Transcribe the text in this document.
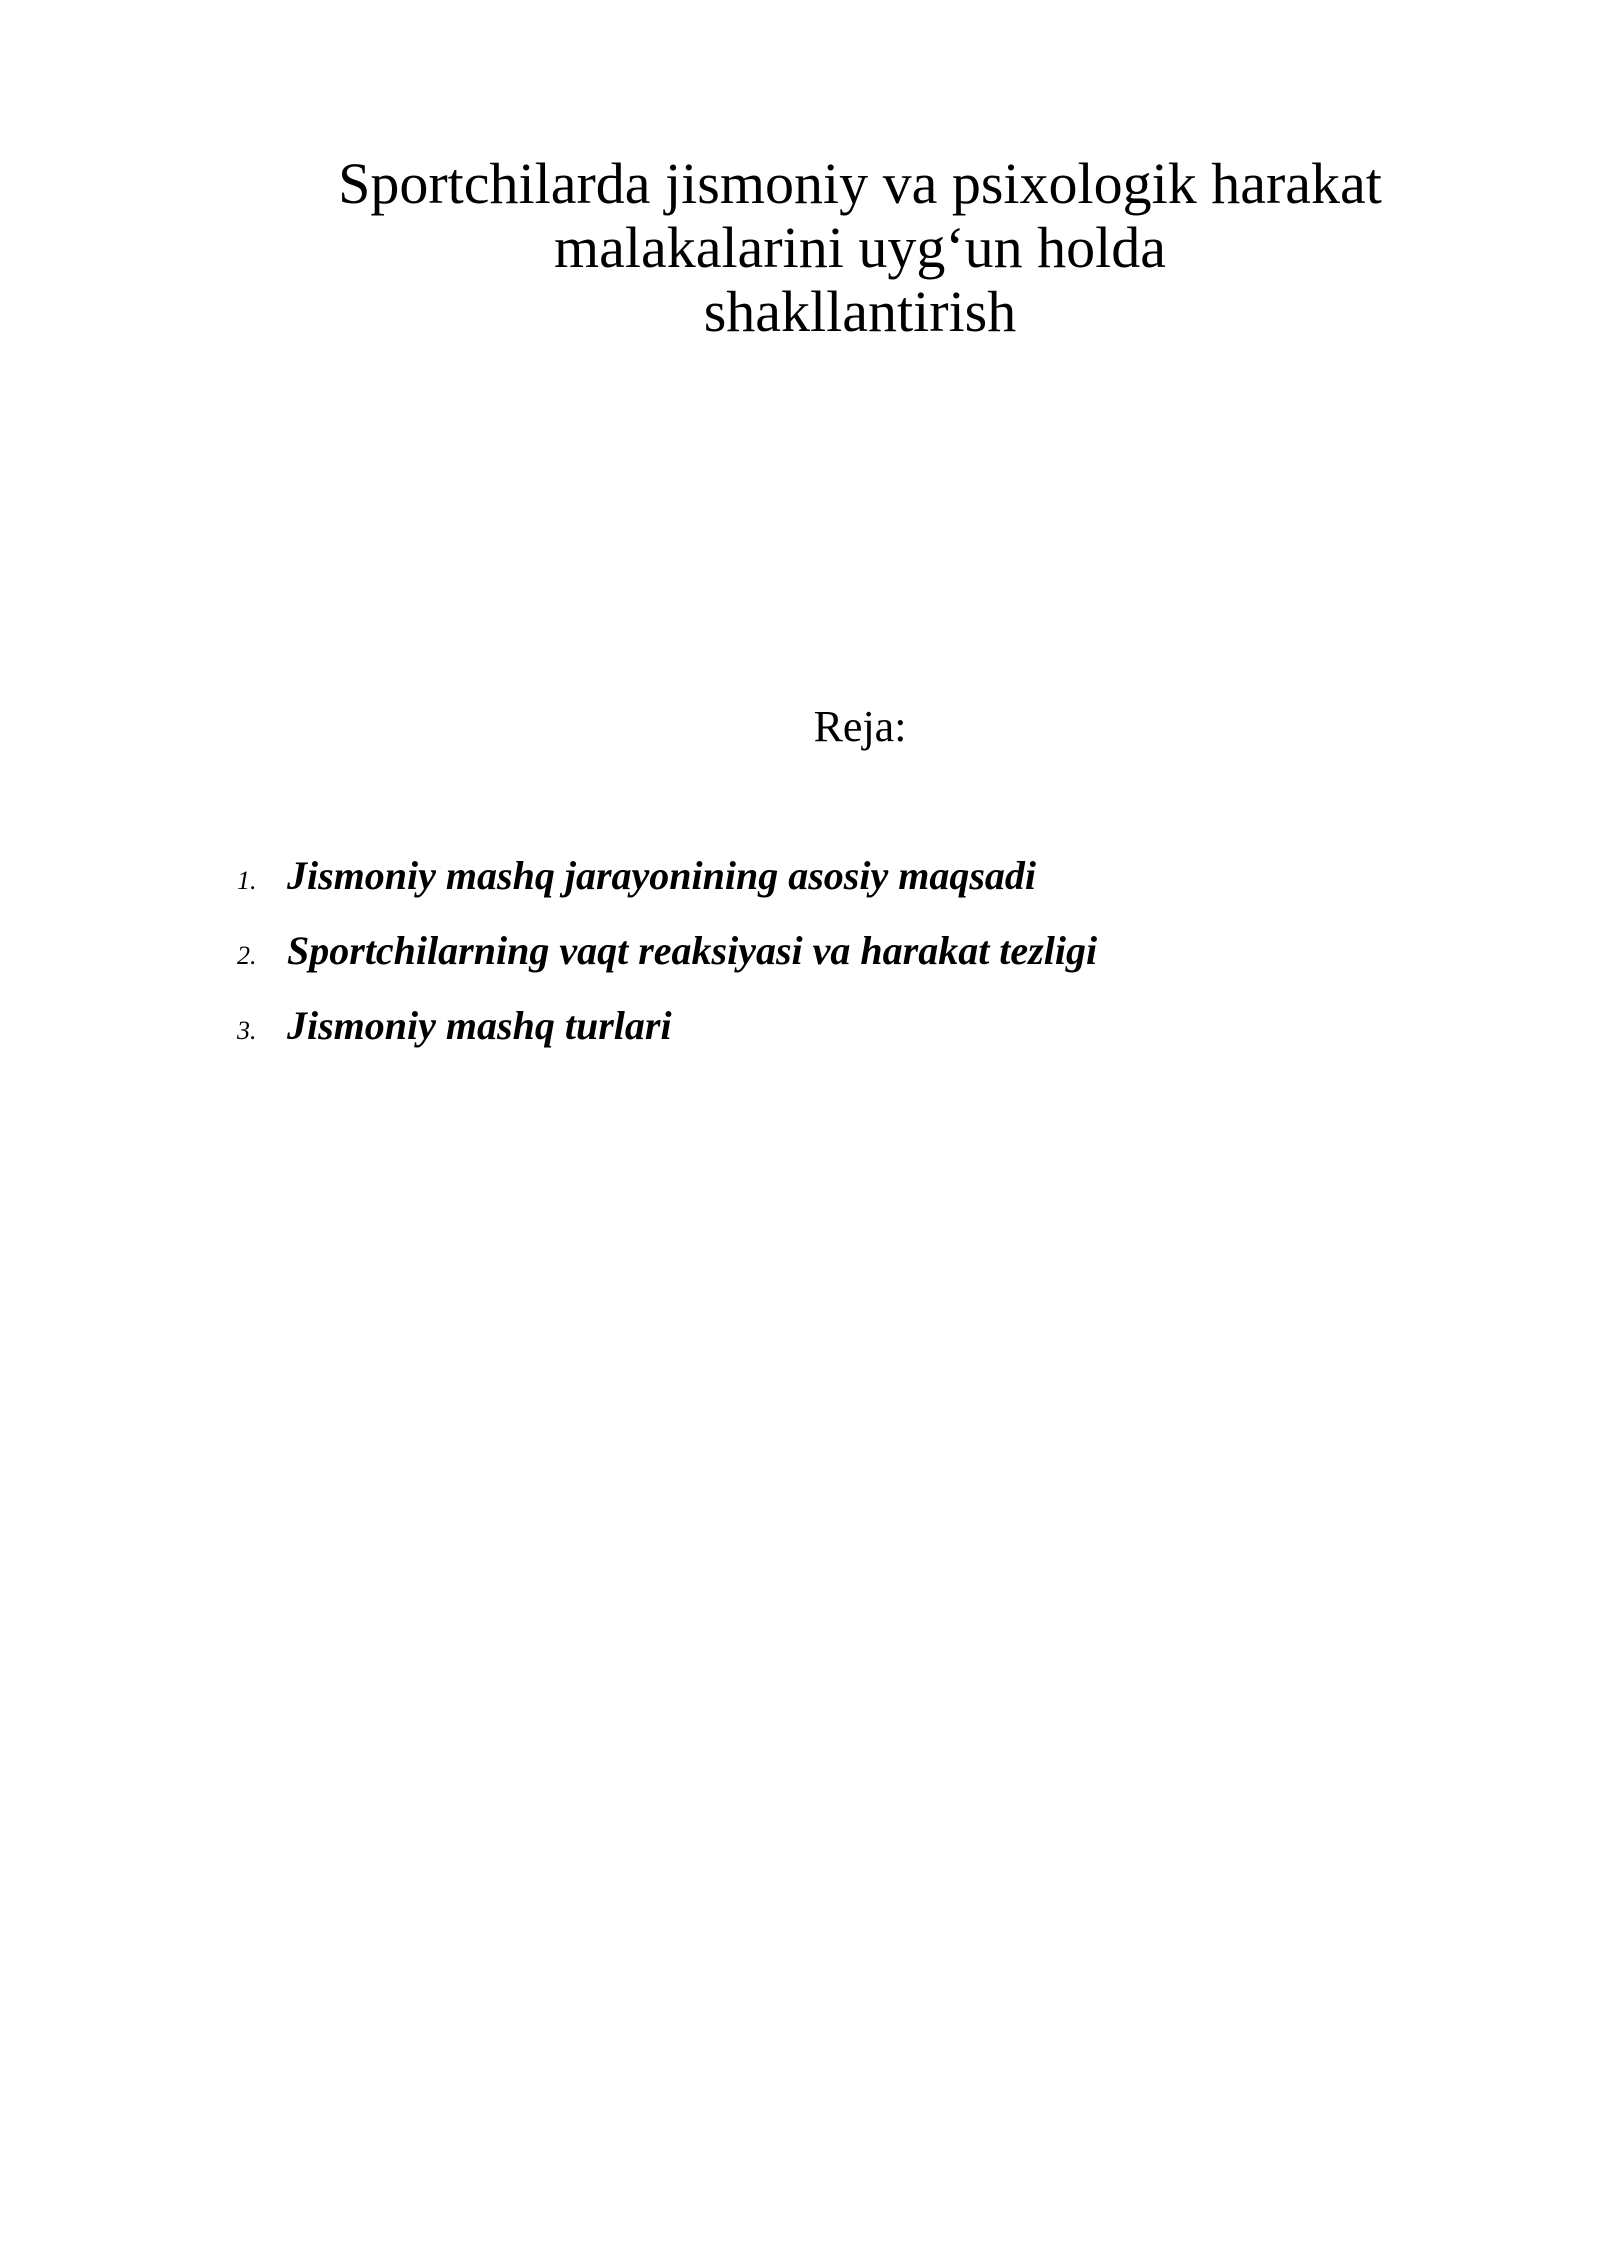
Sportchilarda jismoniy va psixologik harakat
malakalarini uyg‘un holda
shakllantirish
Reja:
1. Jismoniy mashq jarayonining asosiy maqsadi
2. Sportchilarning vaqt reaksiyasi va harakat tezligi
3. Jismoniy mashq turlari
